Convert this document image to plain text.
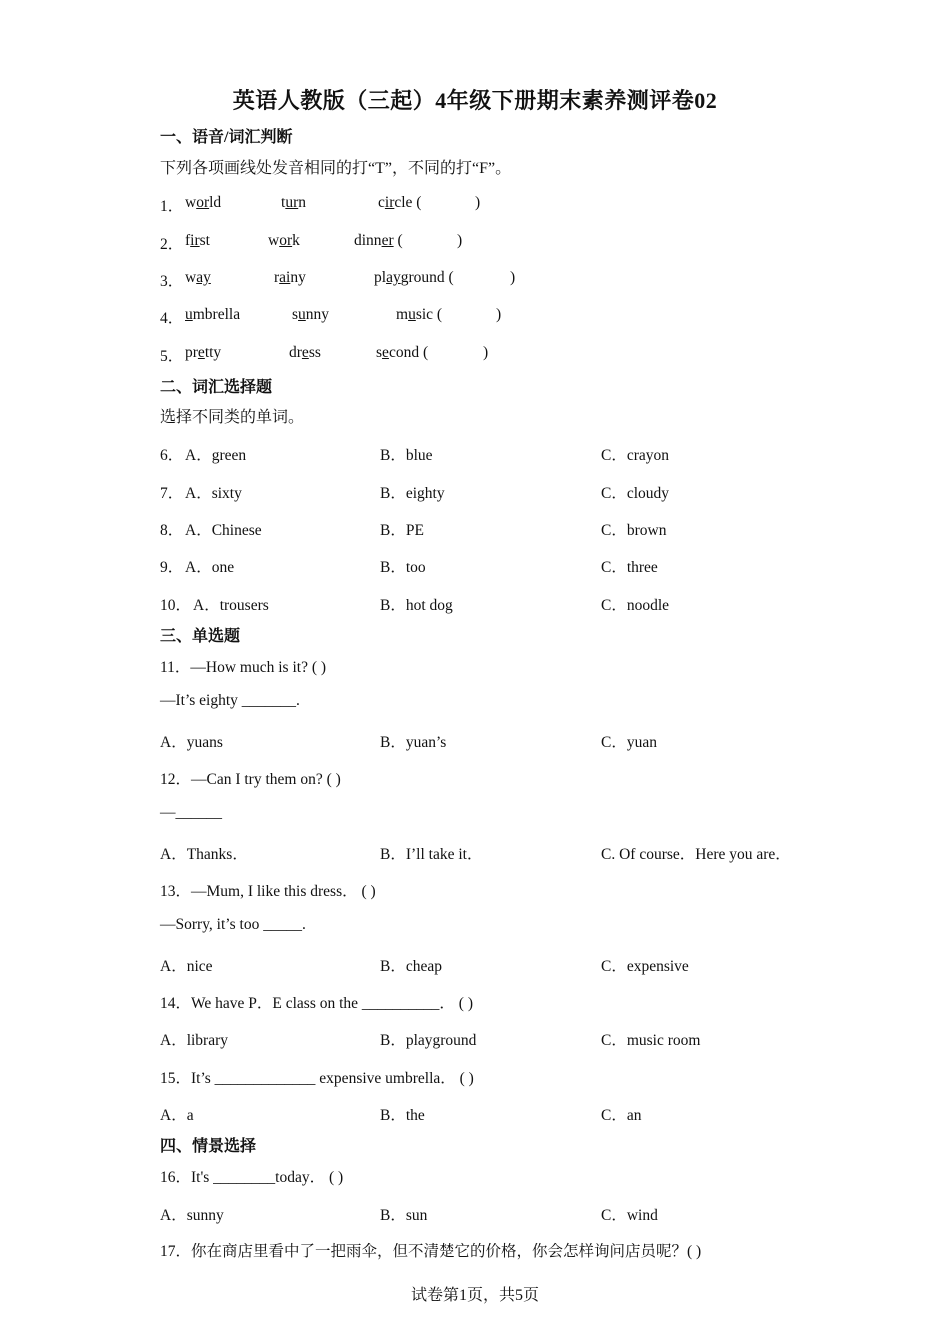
英语人教版（三起）4年级下册期末素养测评卷02
一、语音/词汇判断
下列各项画线处发音相同的打“T”，不同的打“F”。
1． world	turn	circle (	)
2． first	work	dinner (	)
3． way	rainy	playground (	)
4． umbrella	sunny	music (	)
5． pretty	dress	second (	)
二、词汇选择题
选择不同类的单词。
6． A．green	B．blue	C．crayon
7． A．sixty	B．eighty	C．cloudy
8． A．Chinese	B．PE	C．brown
9． A．one	B．too	C．three
10． A．trousers	B．hot dog	C．noodle
三、单选题
11．—How much is it? ( )
—It’s eighty _______.
A．yuans	B．yuan’s	C．yuan
12．—Can I try them on? ( )
—______
A．Thanks．	B．I’ll take it．	C. Of course．Here you are．
13．—Mum, I like this dress． ( )
—Sorry, it’s too _____.
A．nice	B．cheap	C．expensive
14．We have P．E class on the __________． ( )
A．library	B．playground	C．music room
15．It’s _____________ expensive umbrella． ( )
A．a	B．the	C．an
四、情景选择
16．It's ________today． ( )
A．sunny	B．sun	C．wind
17．你在商店里看中了一把雨伞，但不清楚它的价格，你会怎样询问店员呢？( )
试卷第1页，共5页
